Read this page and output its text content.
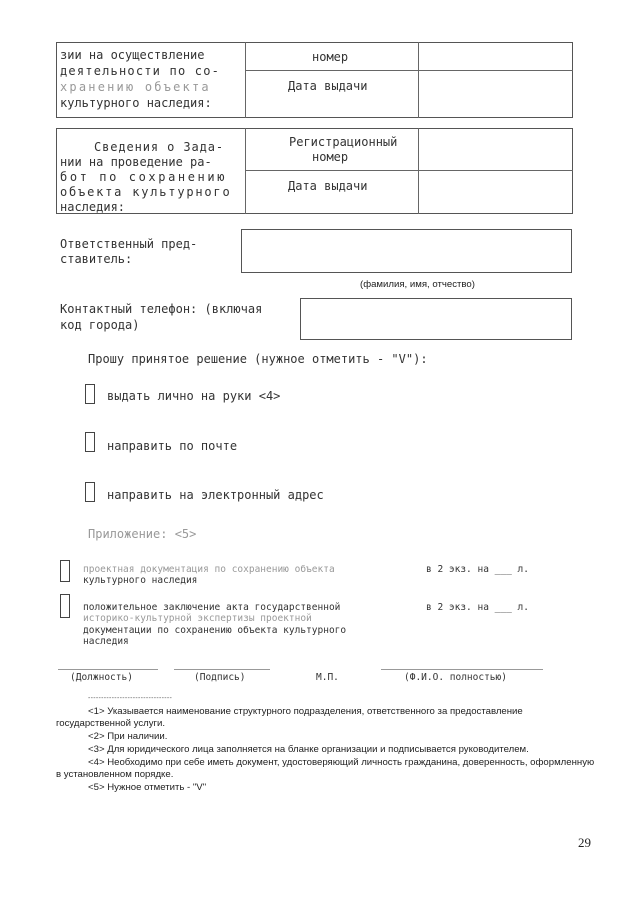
зии на осуществление
деятельности по со-
хранению объекта
культурного наследия:
номер
Дата выдачи
Сведения о Зада-
нии на проведение ра-
бот по сохранению
объекта культурного
наследия:
Регистрационный
номер
Дата выдачи
Ответственный пред-
ставитель:
(фамилия, имя, отчество)
Контактный телефон: (включая
код города)
Прошу принятое решение (нужное отметить - "V"):
выдать лично на руки <4>
направить по почте
направить на электронный адрес
Приложение: <5>
проектная документация по сохранению объекта
культурного наследия
в 2 экз. на ___ л.
положительное заключение акта государственной
историко-культурной экспертизы проектной
документации по сохранению объекта культурного
наследия
в 2 экз. на ___ л.
(Должность)	(Подпись)	М.П.	(Ф.И.О. полностью)
--------------------------------
<1> Указывается наименование структурного подразделения, ответственного за предоставление государственной услуги.
<2> При наличии.
<3> Для юридического лица заполняется на бланке организации и подписывается руководителем.
<4> Необходимо при себе иметь документ, удостоверяющий личность гражданина, доверенность, оформленную в установленном порядке.
<5> Нужное отметить - "V"
29
